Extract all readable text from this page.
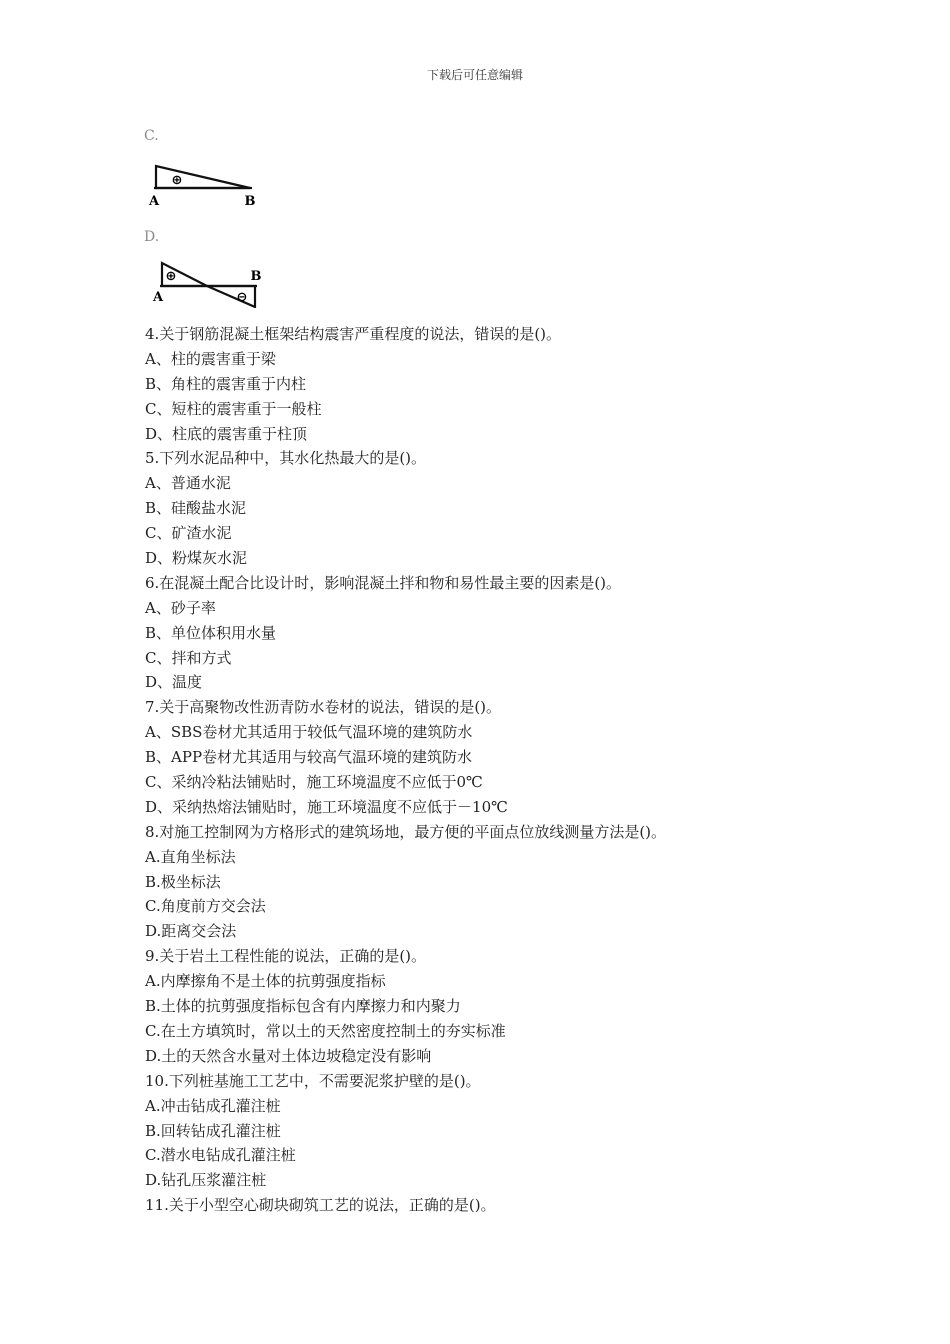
下载后可任意编辑
C.
⊕
A	B
D.
⊕
⊖
A
B
4.关于钢筋混凝土框架结构震害严重程度的说法，错误的是()。
A、柱的震害重于梁
B、角柱的震害重于内柱
C、短柱的震害重于一般柱
D、柱底的震害重于柱顶
5.下列水泥品种中，其水化热最大的是()。
A、普通水泥
B、硅酸盐水泥
C、矿渣水泥
D、粉煤灰水泥
6.在混凝土配合比设计时，影响混凝土拌和物和易性最主要的因素是()。
A、砂子率
B、单位体积用水量
C、拌和方式
D、温度
7.关于高聚物改性沥青防水卷材的说法，错误的是()。
A、SBS卷材尤其适用于较低气温环境的建筑防水
B、APP卷材尤其适用与较高气温环境的建筑防水
C、采纳冷粘法铺贴时，施工环境温度不应低于0℃
D、采纳热熔法铺贴时，施工环境温度不应低于－10℃
8.对施工控制网为方格形式的建筑场地，最方便的平面点位放线测量方法是()。
A.直角坐标法
B.极坐标法
C.角度前方交会法
D.距离交会法
9.关于岩土工程性能的说法，正确的是()。
A.内摩擦角不是土体的抗剪强度指标
B.土体的抗剪强度指标包含有内摩擦力和内聚力
C.在土方填筑时，常以土的天然密度控制土的夯实标准
D.土的天然含水量对土体边坡稳定没有影响
10.下列桩基施工工艺中，不需要泥浆护壁的是()。
A.冲击钻成孔灌注桩
B.回转钻成孔灌注桩
C.潜水电钻成孔灌注桩
D.钻孔压浆灌注桩
11.关于小型空心砌块砌筑工艺的说法，正确的是()。
